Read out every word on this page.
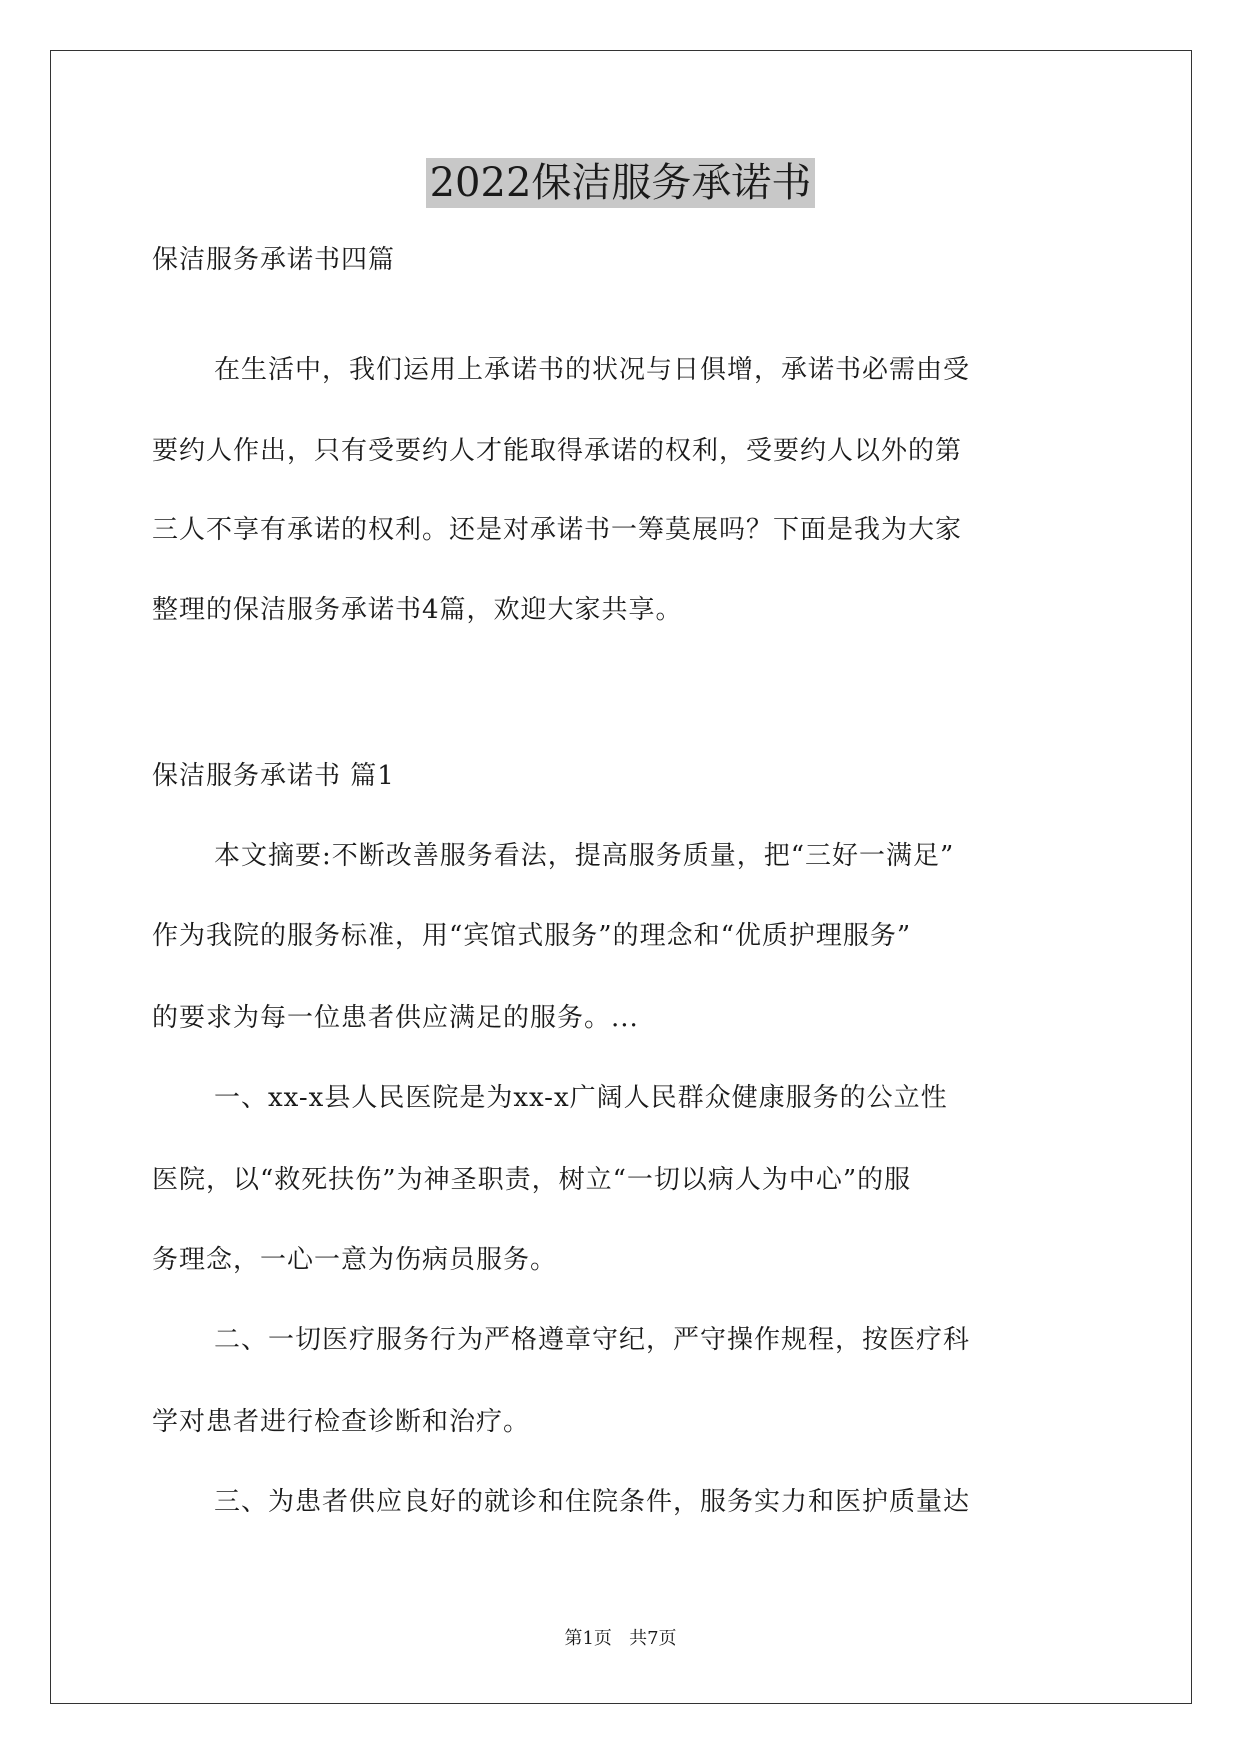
2022保洁服务承诺书
保洁服务承诺书四篇
在生活中，我们运用上承诺书的状况与日俱增，承诺书必需由受
要约人作出，只有受要约人才能取得承诺的权利，受要约人以外的第
三人不享有承诺的权利。还是对承诺书一筹莫展吗？下面是我为大家
整理的保洁服务承诺书4篇，欢迎大家共享。
保洁服务承诺书 篇1
本文摘要:不断改善服务看法，提高服务质量，把“三好一满足”
作为我院的服务标准，用“宾馆式服务”的理念和“优质护理服务”
的要求为每一位患者供应满足的服务。...
一、xx-x县人民医院是为xx-x广阔人民群众健康服务的公立性
医院，以“救死扶伤”为神圣职责，树立“一切以病人为中心”的服
务理念，一心一意为伤病员服务。
二、一切医疗服务行为严格遵章守纪，严守操作规程，按医疗科
学对患者进行检查诊断和治疗。
三、为患者供应良好的就诊和住院条件，服务实力和医护质量达
第1页   共7页
